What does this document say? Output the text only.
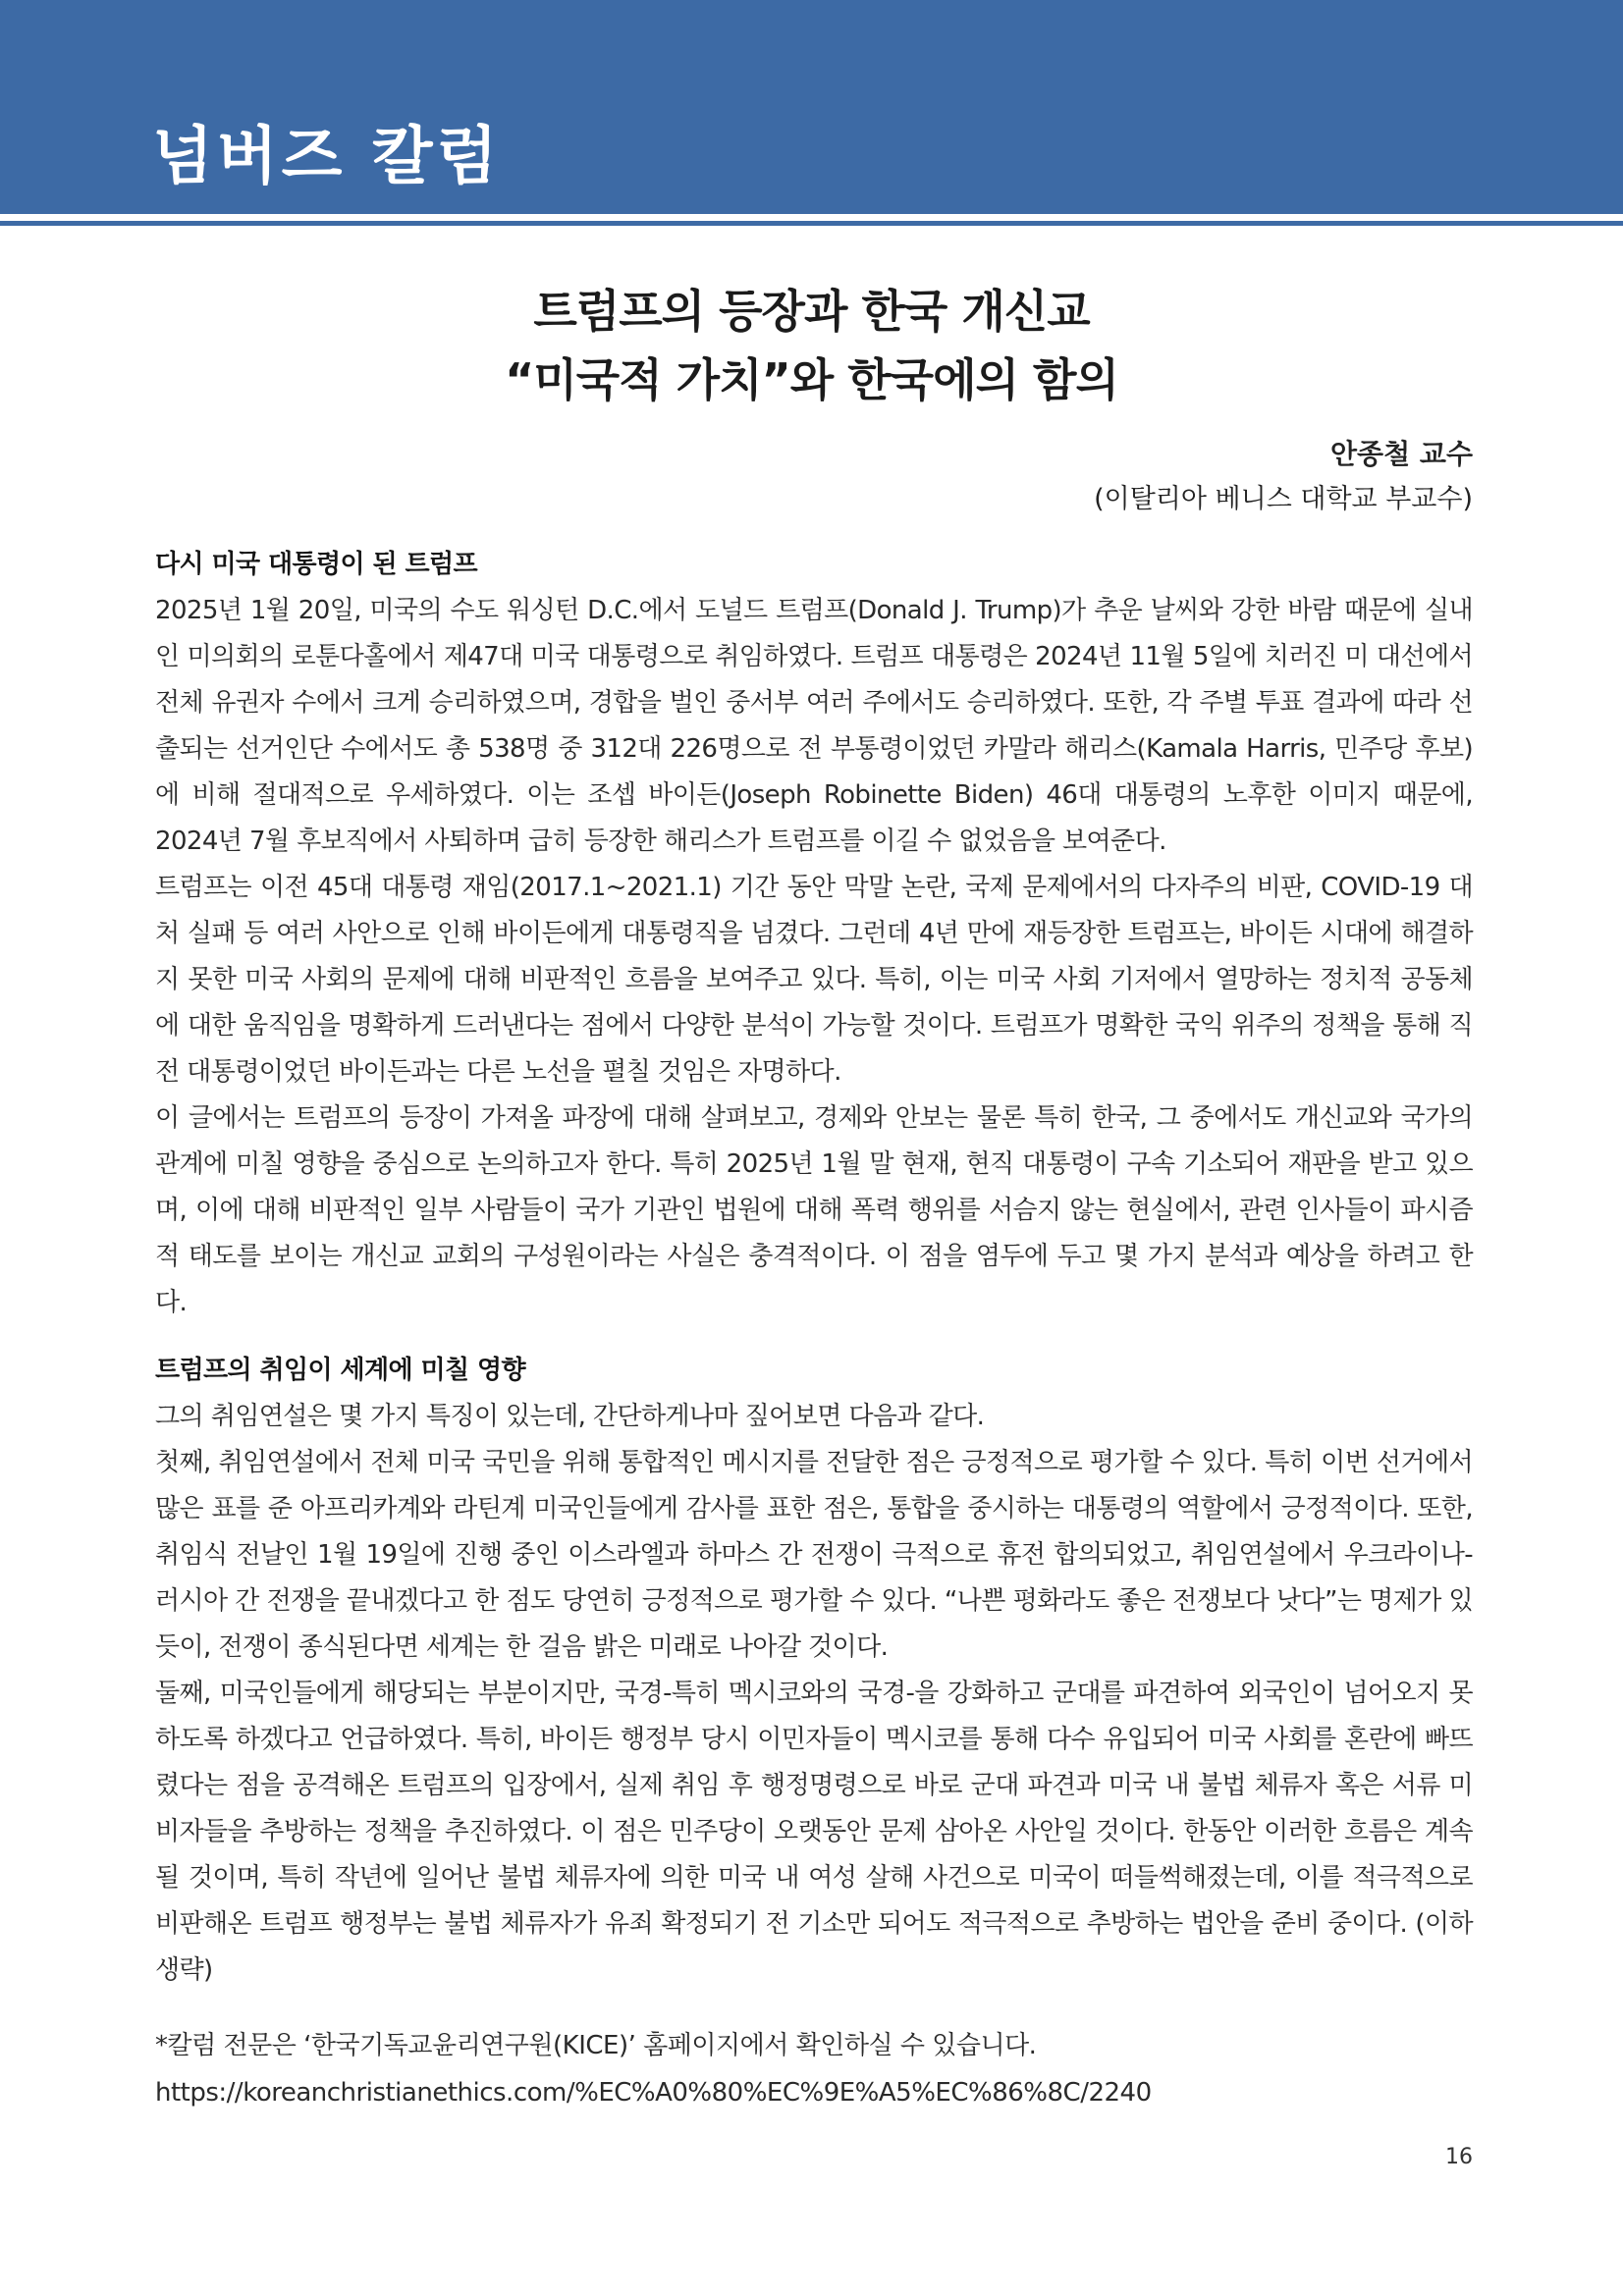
넘버즈 칼럼
트럼프의 등장과 한국 개신교
“미국적 가치”와 한국에의 함의
안종철 교수
(이탈리아 베니스 대학교 부교수)
다시 미국 대통령이 된 트럼프

2025년 1월 20일, 미국의 수도 워싱턴 D.C.에서 도널드 트럼프(Donald J. Trump)가 추운 날씨와 강한 바람 때문에 실내인 미의회의 로툰다홀에서 제47대 미국 대통령으로 취임하였다. 트럼프 대통령은 2024년 11월 5일에 치러진 미 대선에서 전체 유권자 수에서 크게 승리하였으며, 경합을 벌인 중서부 여러 주에서도 승리하였다. 또한, 각 주별 투표 결과에 따라 선출되는 선거인단 수에서도 총 538명 중 312대 226명으로 전 부통령이었던 카말라 해리스(Kamala Harris, 민주당 후보)에 비해 절대적으로 우세하였다. 이는 조셉 바이든(Joseph Robinette Biden) 46대 대통령의 노후한 이미지 때문에, 2024년 7월 후보직에서 사퇴하며 급히 등장한 해리스가 트럼프를 이길 수 없었음을 보여준다.

트럼프는 이전 45대 대통령 재임(2017.1~2021.1) 기간 동안 막말 논란, 국제 문제에서의 다자주의 비판, COVID-19 대처 실패 등 여러 사안으로 인해 바이든에게 대통령직을 넘겼다. 그런데 4년 만에 재등장한 트럼프는, 바이든 시대에 해결하지 못한 미국 사회의 문제에 대해 비판적인 흐름을 보여주고 있다. 특히, 이는 미국 사회 기저에서 열망하는 정치적 공동체에 대한 움직임을 명확하게 드러낸다는 점에서 다양한 분석이 가능할 것이다. 트럼프가 명확한 국익 위주의 정책을 통해 직전 대통령이었던 바이든과는 다른 노선을 펼칠 것임은 자명하다.

이 글에서는 트럼프의 등장이 가져올 파장에 대해 살펴보고, 경제와 안보는 물론 특히 한국, 그 중에서도 개신교와 국가의 관계에 미칠 영향을 중심으로 논의하고자 한다. 특히 2025년 1월 말 현재, 현직 대통령이 구속 기소되어 재판을 받고 있으며, 이에 대해 비판적인 일부 사람들이 국가 기관인 법원에 대해 폭력 행위를 서슴지 않는 현실에서, 관련 인사들이 파시즘적 태도를 보이는 개신교 교회의 구성원이라는 사실은 충격적이다. 이 점을 염두에 두고 몇 가지 분석과 예상을 하려고 한다.

트럼프의 취임이 세계에 미칠 영향

그의 취임연설은 몇 가지 특징이 있는데, 간단하게나마 짚어보면 다음과 같다.

첫째, 취임연설에서 전체 미국 국민을 위해 통합적인 메시지를 전달한 점은 긍정적으로 평가할 수 있다. 특히 이번 선거에서 많은 표를 준 아프리카계와 라틴계 미국인들에게 감사를 표한 점은, 통합을 중시하는 대통령의 역할에서 긍정적이다. 또한, 취임식 전날인 1월 19일에 진행 중인 이스라엘과 하마스 간 전쟁이 극적으로 휴전 합의되었고, 취임연설에서 우크라이나-러시아 간 전쟁을 끝내겠다고 한 점도 당연히 긍정적으로 평가할 수 있다. “나쁜 평화라도 좋은 전쟁보다 낫다”는 명제가 있듯이, 전쟁이 종식된다면 세계는 한 걸음 밝은 미래로 나아갈 것이다.

둘째, 미국인들에게 해당되는 부분이지만, 국경-특히 멕시코와의 국경-을 강화하고 군대를 파견하여 외국인이 넘어오지 못하도록 하겠다고 언급하였다. 특히, 바이든 행정부 당시 이민자들이 멕시코를 통해 다수 유입되어 미국 사회를 혼란에 빠뜨렸다는 점을 공격해온 트럼프의 입장에서, 실제 취임 후 행정명령으로 바로 군대 파견과 미국 내 불법 체류자 혹은 서류 미비자들을 추방하는 정책을 추진하였다. 이 점은 민주당이 오랫동안 문제 삼아온 사안일 것이다. 한동안 이러한 흐름은 계속될 것이며, 특히 작년에 일어난 불법 체류자에 의한 미국 내 여성 살해 사건으로 미국이 떠들썩해졌는데, 이를 적극적으로 비판해온 트럼프 행정부는 불법 체류자가 유죄 확정되기 전 기소만 되어도 적극적으로 추방하는 법안을 준비 중이다. (이하 생략)

*칼럼 전문은 ‘한국기독교윤리연구원(KICE)’ 홈페이지에서 확인하실 수 있습니다.
https://koreanchristianethics.com/%EC%A0%80%EC%9E%A5%EC%86%8C/2240
16
